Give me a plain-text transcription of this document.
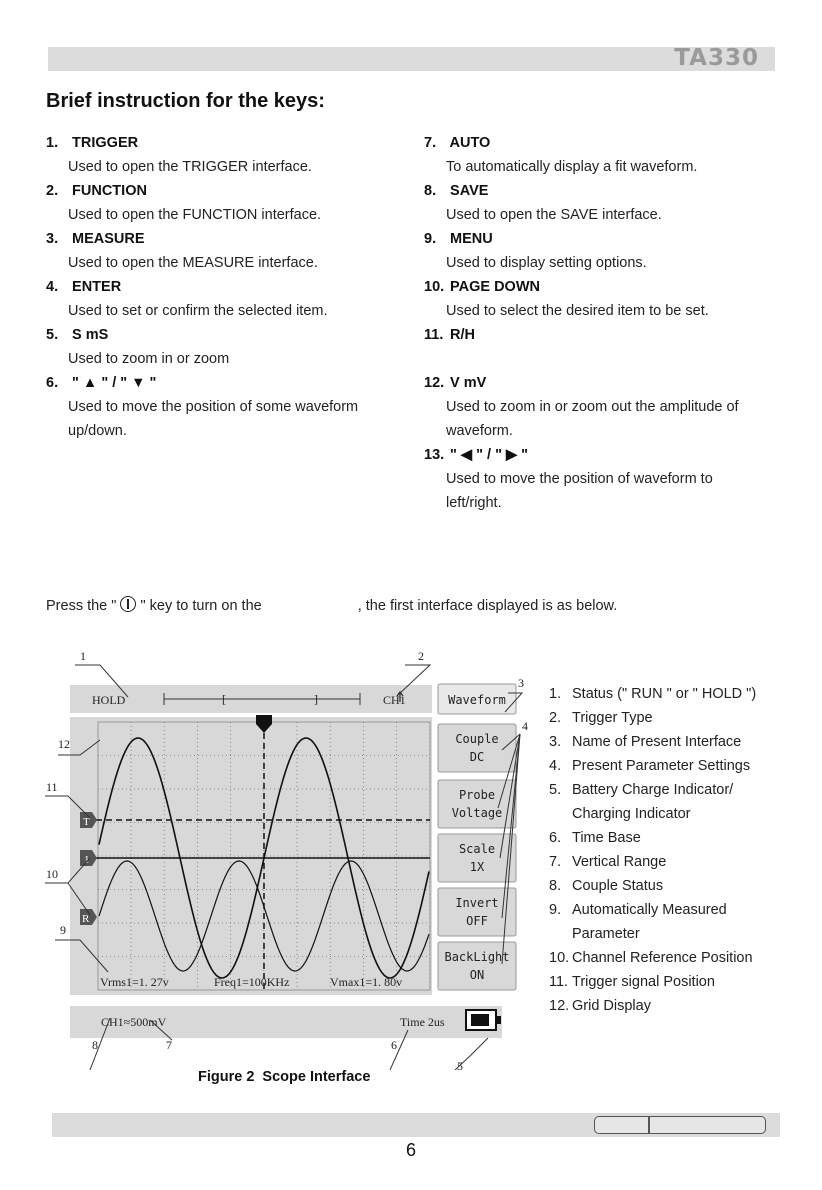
TA330
Brief instruction for the keys:
1. TRIGGER
Used to open the TRIGGER interface.
2. FUNCTION
Used to open the FUNCTION interface.
3. MEASURE
Used to open the MEASURE interface.
4. ENTER
Used to set or confirm the selected item.
5. S mS
Used to zoom in or zoom
6. " ▲ " / " ▼ "
Used to move the position of some waveform
up/down.
7. AUTO
To automatically display a fit waveform.
8. SAVE
Used to open the SAVE interface.
9. MENU
Used to display setting options.
10. PAGE DOWN
Used to select the desired item to be set.
11. R/H

12. V mV
Used to zoom in or zoom out the amplitude of
waveform.
13. " ◀ " / " ▶ "
Used to move the position of waveform to
left/right.
Press the " " key to turn on the	, the first interface displayed is as below.
HOLD	[	]	CH1
T
1
R
Vrms1=1. 27v	Freq1=100KHz	Vmax1=1. 80v
CH1≈500mV	Time 2us
Waveform
Couple
DC
Probe
Voltage
Scale
1X
Invert
OFF
BackLight
ON
1	2
3
4
5
6
7
8
9
10
11
12
1. Status (" RUN " or " HOLD ")
2. Trigger Type
3. Name of Present Interface
4. Present Parameter Settings
5. Battery Charge Indicator/
Charging Indicator
6. Time Base
7. Vertical Range
8. Couple Status
9. Automatically Measured
Parameter
10. Channel Reference Position
11. Trigger signal Position
12. Grid Display
Figure 2 Scope Interface
6
